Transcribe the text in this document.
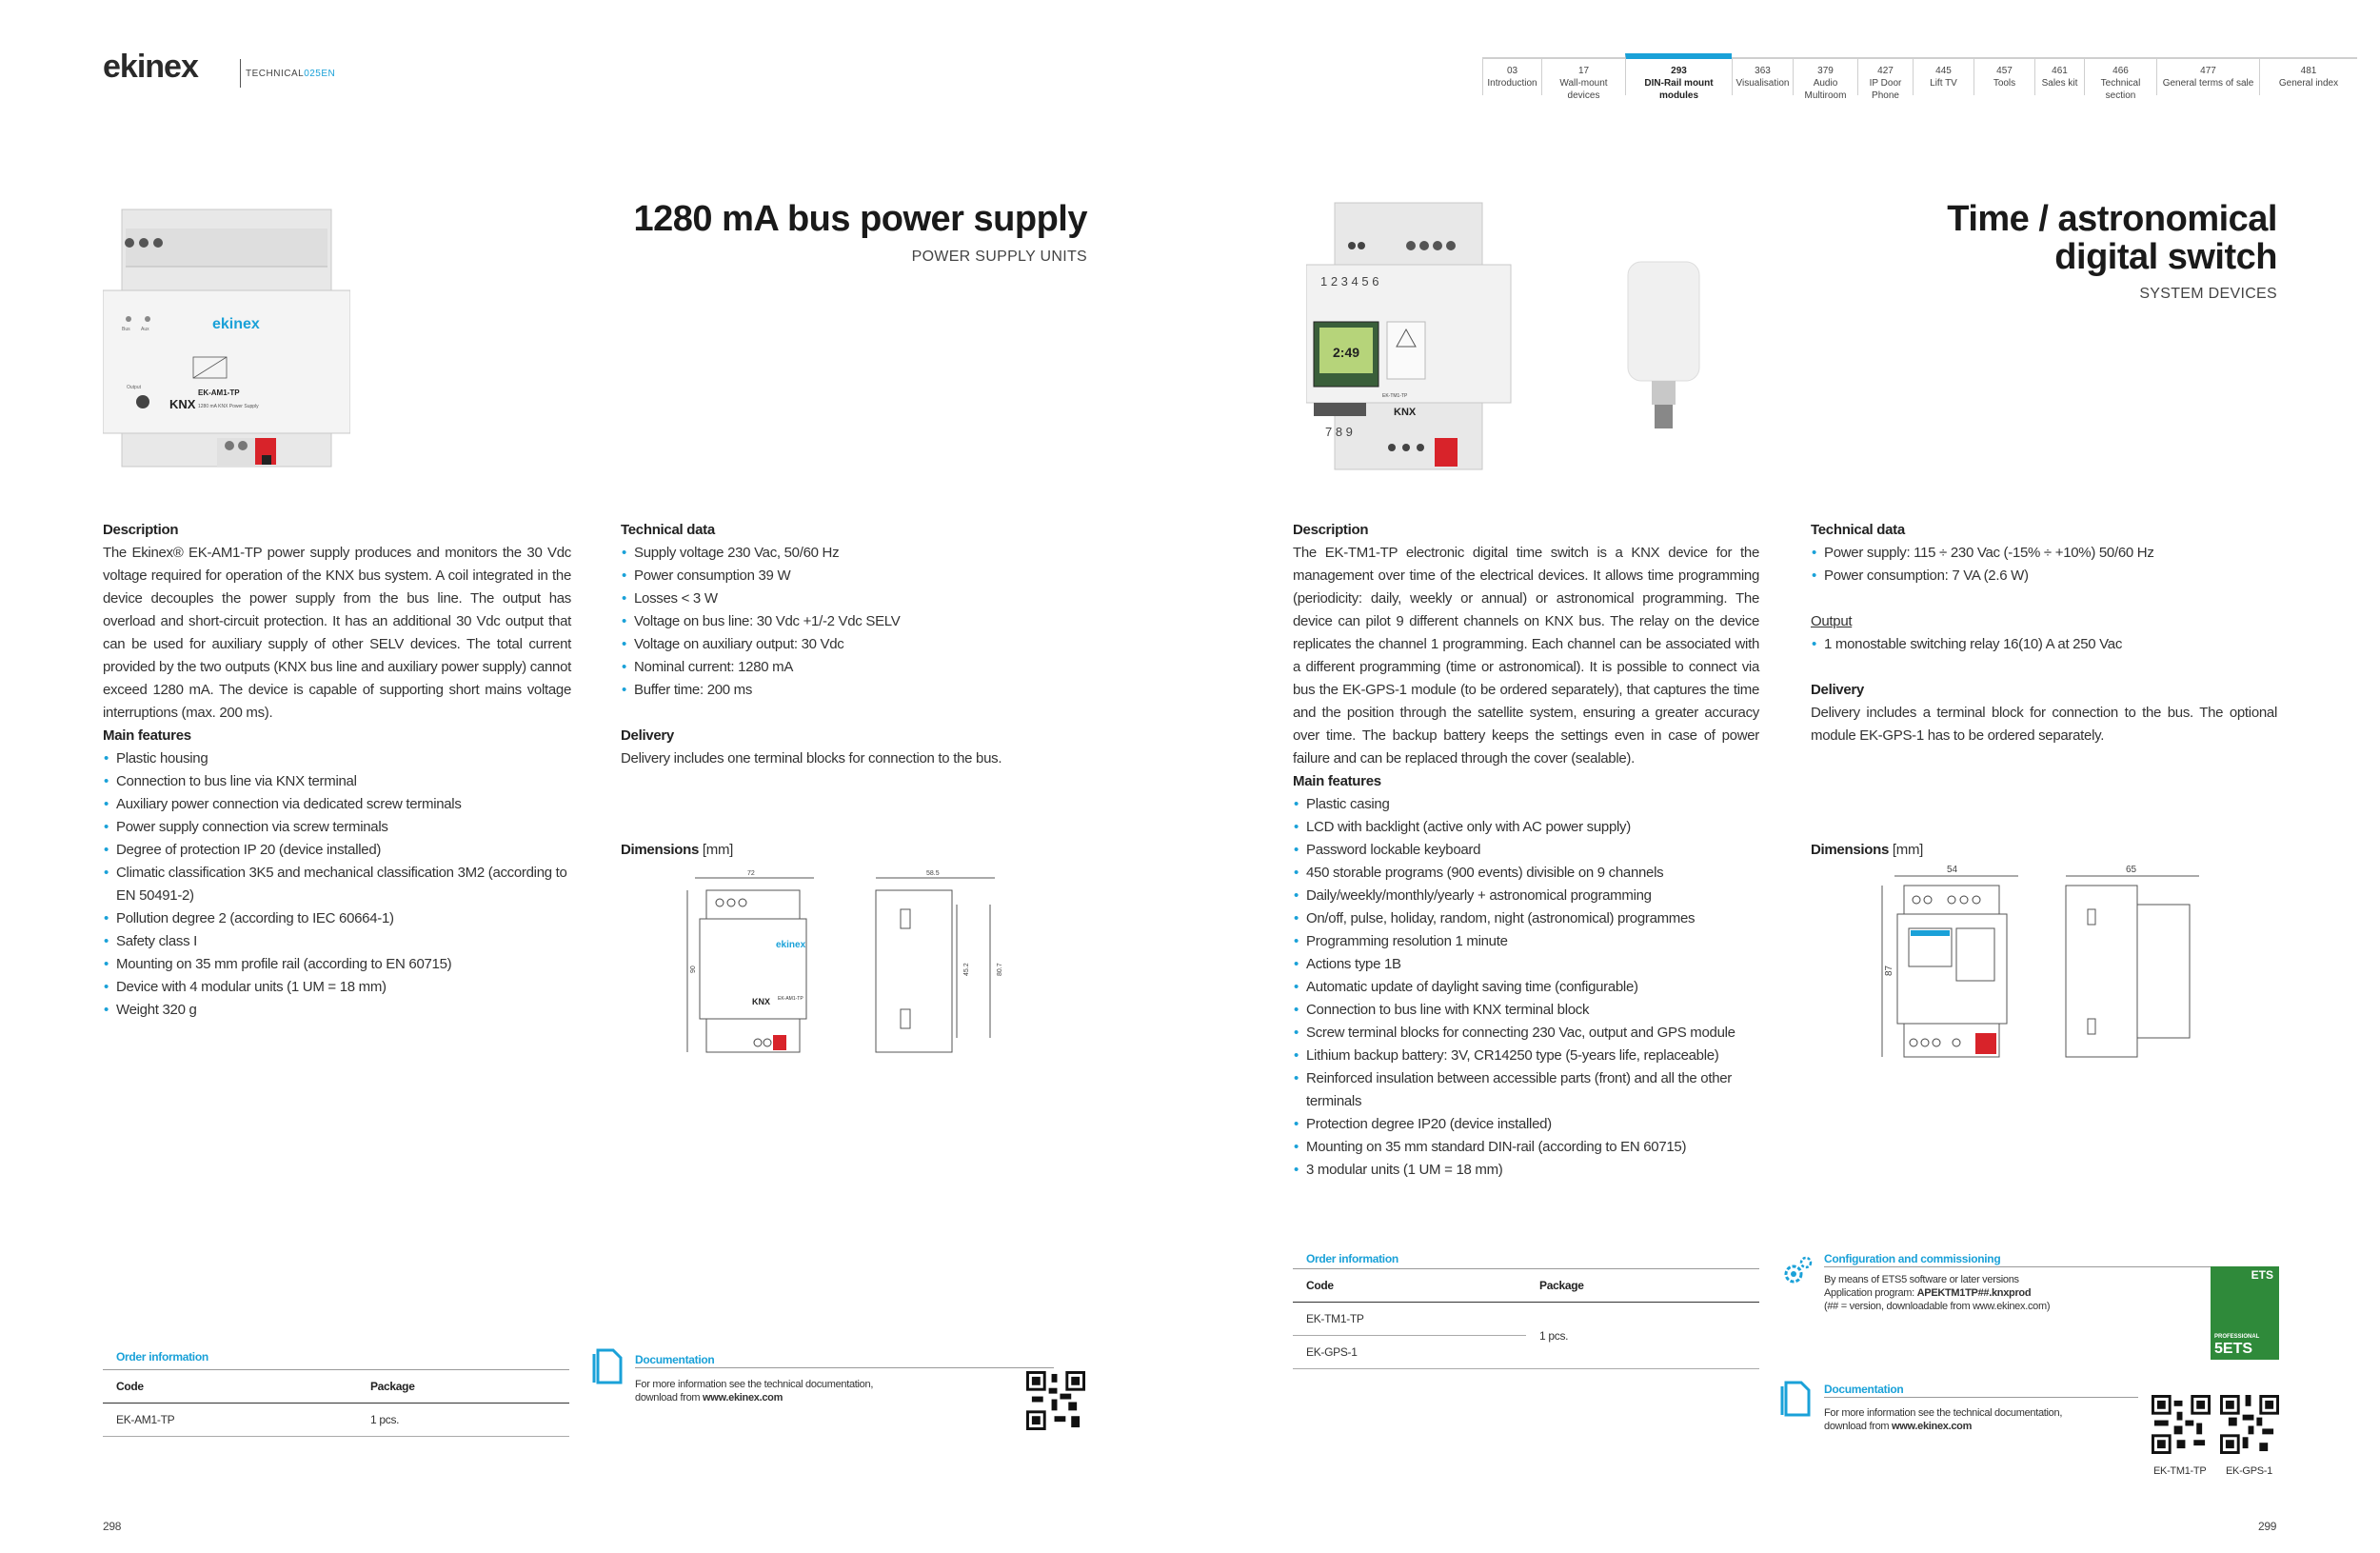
ekinex	TECHNICAL025EN	03
Introduction
17
Wall-mount devices
293
DIN-Rail mount modules
363
Visualisation
379
Audio Multiroom
427
IP Door Phone
445
Lift TV
457
Tools
461
Sales kit
466
Technical section
477
General terms of sale
481
General index
Bus Aux	ekinex
Output
KNX
EK-AM1-TP
1280 mA KNX Power Supply
1280 mA bus power supply
POWER SUPPLY UNITS
Description
The Ekinex® EK-AM1-TP power supply produces and monitors the 30 Vdc voltage required for operation of the KNX bus system. A coil integrated in the device decouples the power supply from the bus line. The output has overload and short-circuit protection. It has an additional 30 Vdc output that can be used for auxiliary supply of other SELV devices. The total current provided by the two outputs (KNX bus line and auxiliary power supply) cannot exceed 1280 mA. The device is capable of supporting short mains voltage interruptions (max. 200 ms).
Main features
• Plastic housing
• Connection to bus line via KNX terminal
• Auxiliary power connection via dedicated screw terminals
• Power supply connection via screw terminals
• Degree of protection IP 20 (device installed)
• Climatic classification 3K5 and mechanical classification 3M2 (according to EN 50491-2)
• Pollution degree 2 (according to IEC 60664-1)
• Safety class I
• Mounting on 35 mm profile rail (according to EN 60715)
• Device with 4 modular units (1 UM = 18 mm)
• Weight 320 g
Technical data
• Supply voltage 230 Vac, 50/60 Hz
• Power consumption 39 W
• Losses < 3 W
• Voltage on bus line: 30 Vdc +1/-2 Vdc SELV
• Voltage on auxiliary output: 30 Vdc
• Nominal current: 1280 mA
• Buffer time: 200 ms
Delivery
Delivery includes one terminal blocks for connection to the bus.
Dimensions [mm]
ekinex
KNX EK-AM1-TP
72	58.5
90	45.2	80.7
Order information
Code	Package
EK-AM1-TP	1 pcs.
Documentation
For more information see the technical documentation,
download from www.ekinex.com
298
1 2 3 4 5 6
2:49
KNX
7 8 9
EK-TM1-TP
Time / astronomical
digital switch
SYSTEM DEVICES
Description
The EK-TM1-TP electronic digital time switch is a KNX device for the management over time of the electrical devices. It allows time programming (periodicity: daily, weekly or annual) or astronomical programming. The device can pilot 9 different channels on KNX bus. The relay on the device replicates the channel 1 programming. Each channel can be associated with a different programming (time or astronomical). It is possible to connect via bus the EK-GPS-1 module (to be ordered separately), that captures the time and the position through the satellite system, ensuring a greater accuracy over time. The backup battery keeps the settings even in case of power failure and can be replaced through the cover (sealable).
Main features
• Plastic casing
• LCD with backlight (active only with AC power supply)
• Password lockable keyboard
• 450 storable programs (900 events) divisible on 9 channels
• Daily/weekly/monthly/yearly + astronomical programming
• On/off, pulse, holiday, random, night (astronomical) programmes
• Programming resolution 1 minute
• Actions type 1B
• Automatic update of daylight saving time (configurable)
• Connection to bus line with KNX terminal block
• Screw terminal blocks for connecting 230 Vac, output and GPS module
• Lithium backup battery: 3V, CR14250 type (5-years life, replaceable)
• Reinforced insulation between accessible parts (front) and all the other terminals
• Protection degree IP20 (device installed)
• Mounting on 35 mm standard DIN-rail (according to EN 60715)
• 3 modular units (1 UM = 18 mm)
Technical data
• Power supply: 115 ÷ 230 Vac (-15% ÷ +10%) 50/60 Hz
• Power consumption: 7 VA (2.6 W)
Output
• 1 monostable switching relay 16(10) A at 250 Vac
Delivery
Delivery includes a terminal block for connection to the bus. The optional module EK-GPS-1 has to be ordered separately.
Dimensions [mm]
54	65
87
Order information
Code	Package
EK-TM1-TP	1 pcs.
EK-GPS-1	
Configuration and commissioning
By means of ETS5 software or later versions
Application program: APEKTM1TP##.knxprod
(## = version, downloadable from www.ekinex.com)
ETS
PROFESSIONAL
5ETS
Documentation
For more information see the technical documentation,
download from www.ekinex.com
EK-TM1-TP EK-GPS-1
299
